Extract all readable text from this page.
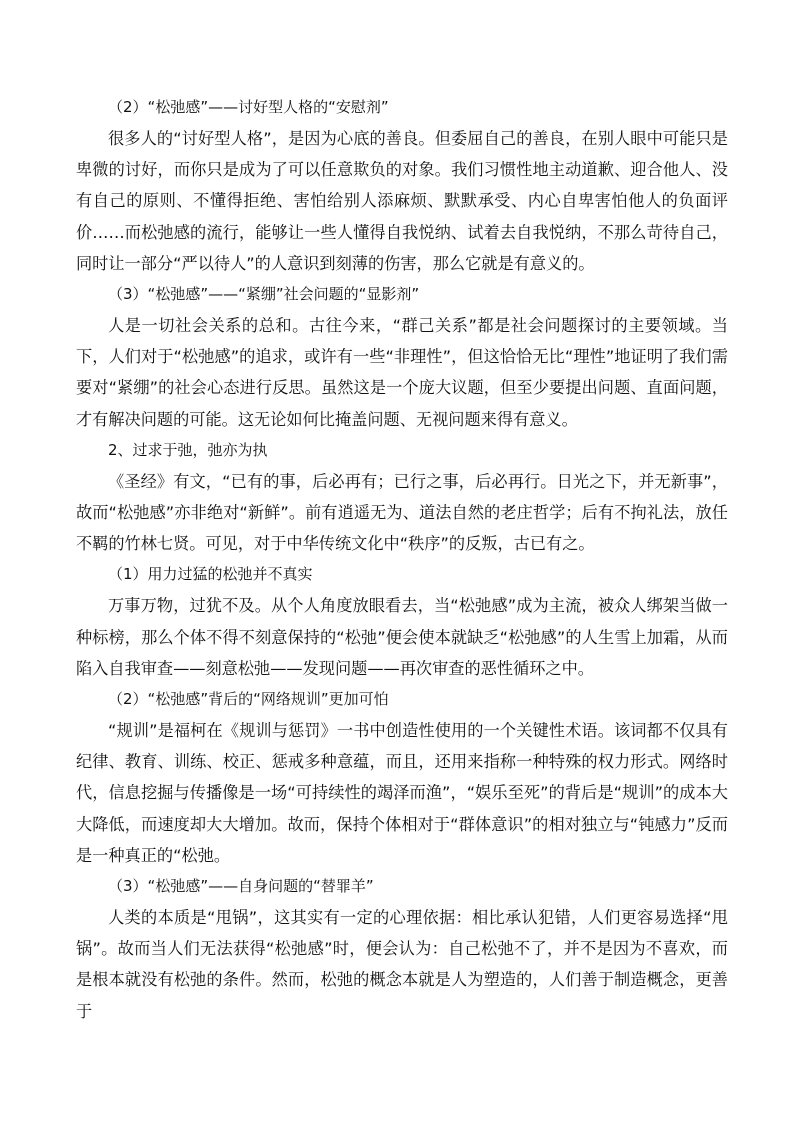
（2）“松弛感”——讨好型人格的“安慰剂”

很多人的“讨好型人格”，是因为心底的善良。但委屈自己的善良，在别人眼中可能只是卑微的讨好，而你只是成为了可以任意欺负的对象。我们习惯性地主动道歉、迎合他人、没有自己的原则、不懂得拒绝、害怕给别人添麻烦、默默承受、内心自卑害怕他人的负面评价……而松弛感的流行，能够让一些人懂得自我悦纳、试着去自我悦纳，不那么苛待自己，同时让一部分“严以待人”的人意识到刻薄的伤害，那么它就是有意义的。

（3）“松弛感”——“紧绷”社会问题的“显影剂”

人是一切社会关系的总和。古往今来，“群己关系”都是社会问题探讨的主要领域。当下，人们对于“松弛感”的追求，或许有一些“非理性”，但这恰恰无比“理性”地证明了我们需要对“紧绷”的社会心态进行反思。虽然这是一个庞大议题，但至少要提出问题、直面问题，才有解决问题的可能。这无论如何比掩盖问题、无视问题来得有意义。

2、过求于弛，弛亦为执

《圣经》有文，“已有的事，后必再有；已行之事，后必再行。日光之下，并无新事”，故而“松弛感”亦非绝对“新鲜”。前有逍遥无为、道法自然的老庄哲学；后有不拘礼法，放任不羁的竹林七贤。可见，对于中华传统文化中“秩序”的反叛，古已有之。

（1）用力过猛的松弛并不真实

万事万物，过犹不及。从个人角度放眼看去，当“松弛感”成为主流，被众人绑架当做一种标榜，那么个体不得不刻意保持的“松弛”便会使本就缺乏“松弛感”的人生雪上加霜，从而陷入自我审查——刻意松弛——发现问题——再次审查的恶性循环之中。

（2）“松弛感”背后的“网络规训”更加可怕

“规训”是福柯在《规训与惩罚》一书中创造性使用的一个关键性术语。该词都不仅具有纪律、教育、训练、校正、惩戒多种意蕴，而且，还用来指称一种特殊的权力形式。网络时代，信息挖掘与传播像是一场“可持续性的竭泽而渔”，“娱乐至死”的背后是“规训”的成本大大降低，而速度却大大增加。故而，保持个体相对于“群体意识”的相对独立与“钝感力”反而是一种真正的“松弛。

（3）“松弛感”——自身问题的“替罪羊”

人类的本质是“甩锅”，这其实有一定的心理依据：相比承认犯错，人们更容易选择“甩锅”。故而当人们无法获得“松弛感”时，便会认为：自己松弛不了，并不是因为不喜欢，而是根本就没有松弛的条件。然而，松弛的概念本就是人为塑造的，人们善于制造概念，更善于
